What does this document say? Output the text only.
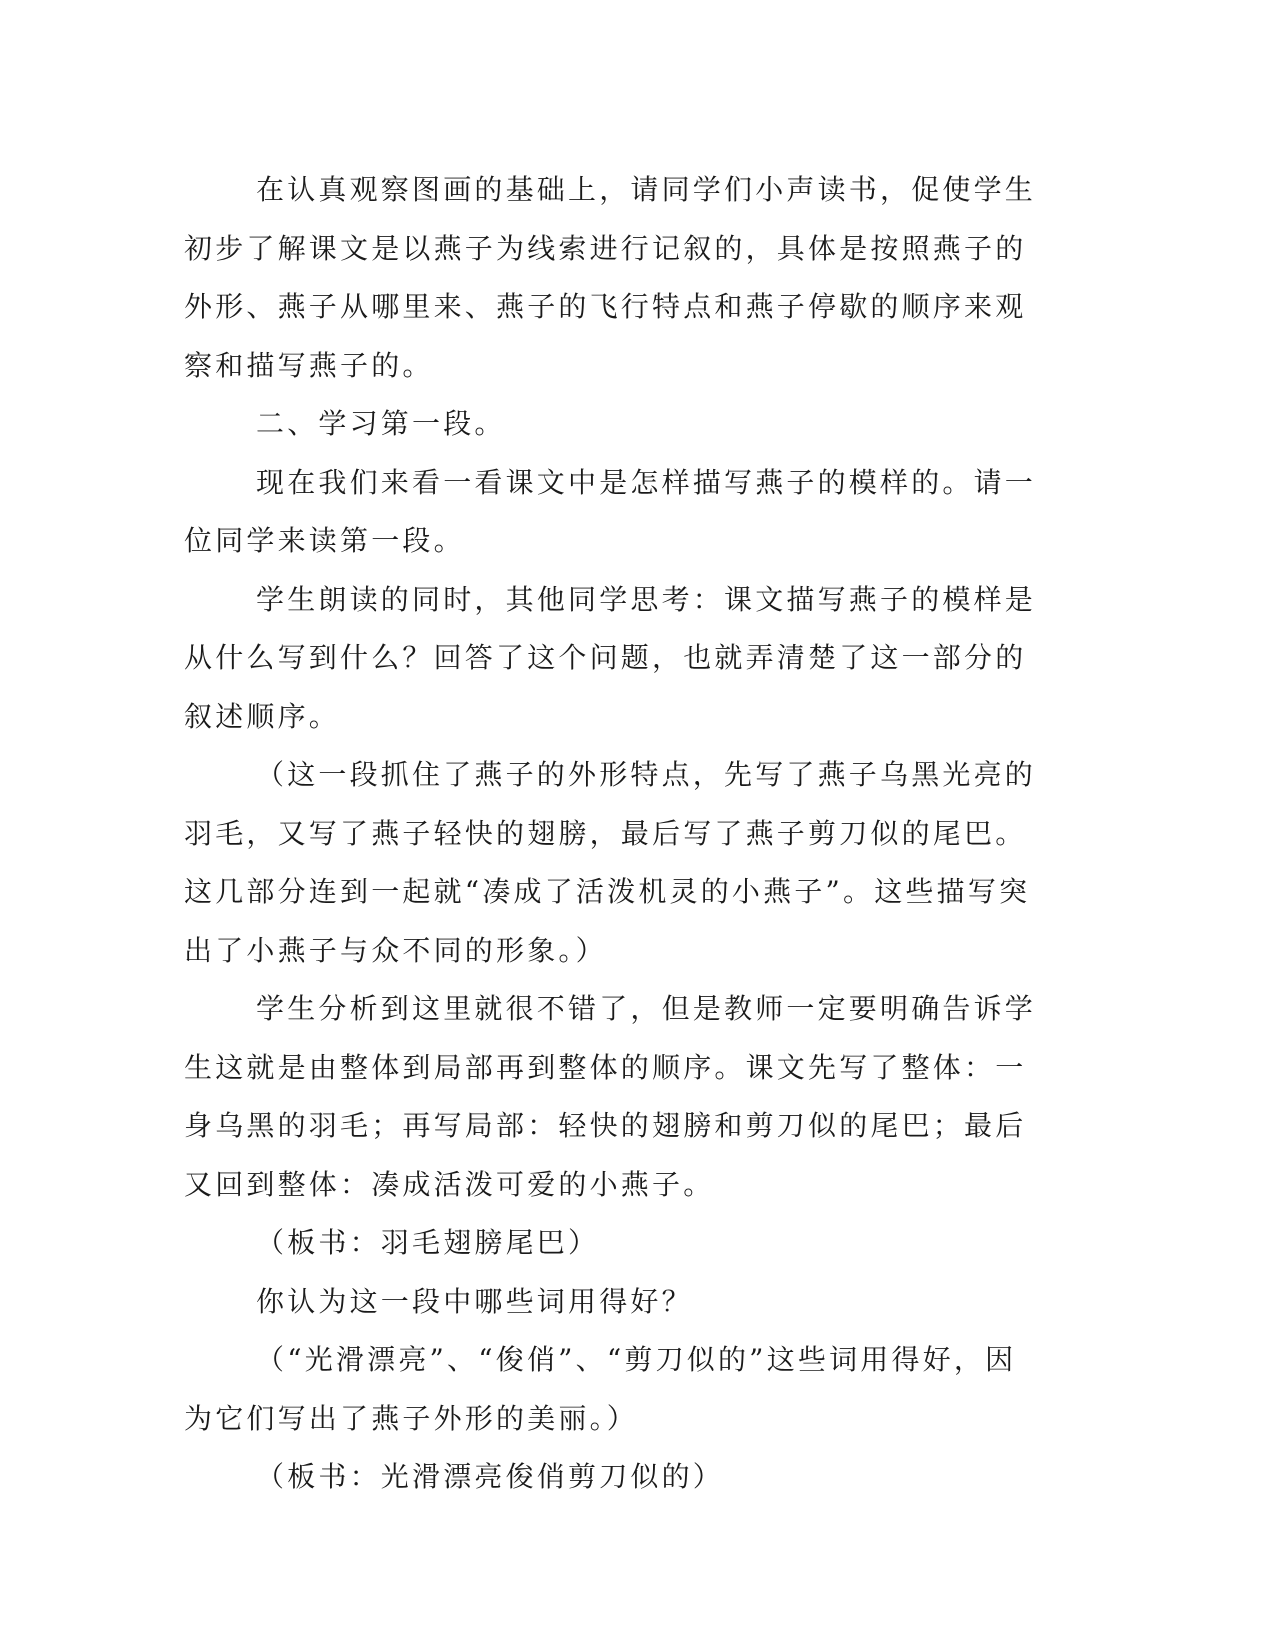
在认真观察图画的基础上，请同学们小声读书，促使学生初步了解课文是以燕子为线索进行记叙的，具体是按照燕子的外形、燕子从哪里来、燕子的飞行特点和燕子停歇的顺序来观察和描写燕子的。

二、学习第一段。

现在我们来看一看课文中是怎样描写燕子的模样的。请一位同学来读第一段。

学生朗读的同时，其他同学思考：课文描写燕子的模样是从什么写到什么？回答了这个问题，也就弄清楚了这一部分的叙述顺序。

（这一段抓住了燕子的外形特点，先写了燕子乌黑光亮的羽毛，又写了燕子轻快的翅膀，最后写了燕子剪刀似的尾巴。这几部分连到一起就“凑成了活泼机灵的小燕子”。这些描写突出了小燕子与众不同的形象。）

学生分析到这里就很不错了，但是教师一定要明确告诉学生这就是由整体到局部再到整体的顺序。课文先写了整体：一身乌黑的羽毛；再写局部：轻快的翅膀和剪刀似的尾巴；最后又回到整体：凑成活泼可爱的小燕子。

（板书：羽毛翅膀尾巴）

你认为这一段中哪些词用得好？

（“光滑漂亮”、“俊俏”、“剪刀似的”这些词用得好，因为它们写出了燕子外形的美丽。）

（板书：光滑漂亮俊俏剪刀似的）
